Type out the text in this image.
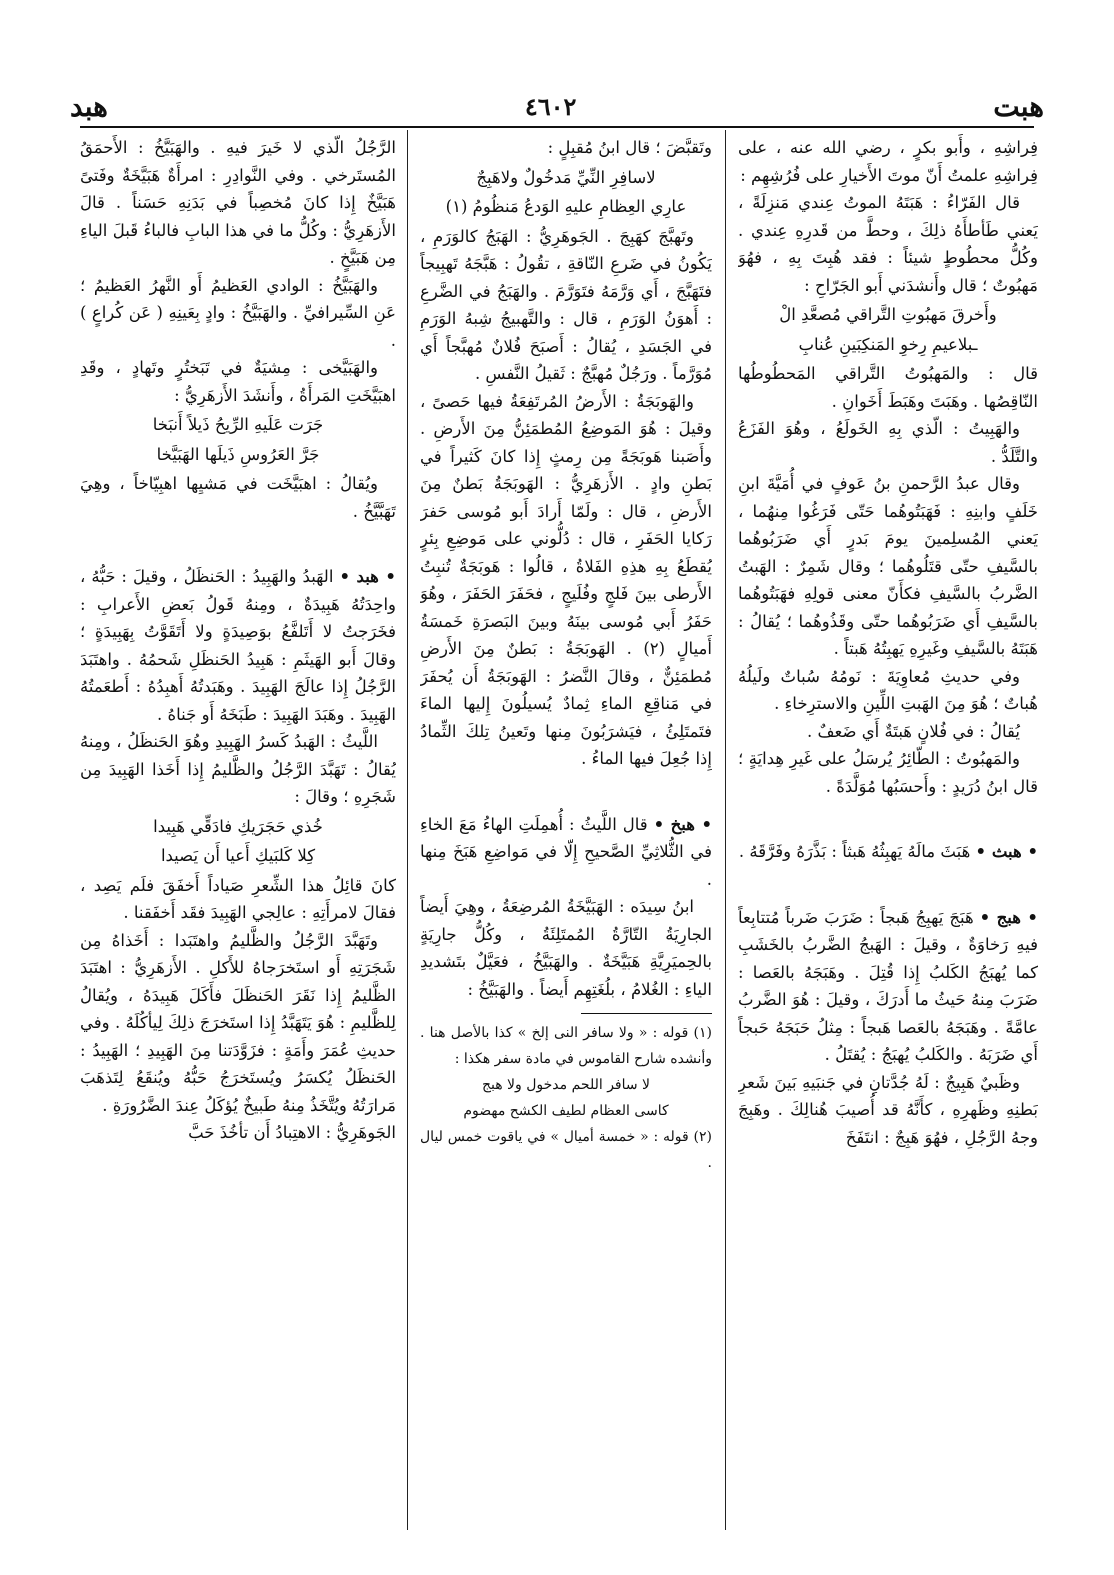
هبت
٤٦٠٢
هبد

فِراشِهِ ، وأَبو بكرٍ ، رضي الله عنه ، على فِراشِهِ علمتُ أَنّ موتَ الأَخيارِ على فُرُشِهِم :

قال الفَرّاءُ : هَبَتَهُ الموتُ عِندي مَنزِلَةً ، يَعني طَأطأَهُ ذلِكَ ، وحطَّ من قَدرِهِ عِندي . وكُلُّ محطُوطٍ شيئاً : فقد هُبِتَ بِهِ ، فهُوَ مَهبُوتٌ ؛ قال وأَنشدَني أَبو الجَرّاحِ :

وأَخرقَ مَهبُوتِ التَّراقي مُصعَّدِ الْ

ـبلاعيمِ رِخوِ المَنكِبَينِ عُنابِ

قال : والمَهبُوتُ التَّراقي المَحطُوطُها النّاقِصُها . وهَبَتَ وهَبَطَ أَخَوانِ .

والهَبِيتُ : الّذي بِهِ الخَولَعُ ، وهُوَ الفَزَعُ والتَّلَدُّ .

وقال عبدُ الرَّحمنِ بنُ عَوفٍ في أُمَيَّةَ ابنِ خَلَفٍ وابنِهِ : فَهَبَتُوهُما حَتّى فَرَغُوا مِنهُما ، يَعني المُسلِمينَ يومَ بَدرٍ أَي ضَرَبُوهُما بالسَّيفِ حتّى قتَلُوهُما ؛ وقال شَمِرٌ : الهَبتُ الضَّربُ بالسَّيفِ فكأَنّ معنى قولِهِ فهَبَتُوهُما بالسَّيفِ أَي ضَرَبُوهُما حتّى وقَذُوهُما ؛ يُقالُ : هَبَتَهُ بالسَّيفِ وغَيرِهِ يَهبِتُهُ هَبتاً .

وفي حديثِ مُعاوِيَةَ : نَومُهُ سُباتٌ ولَيلُهُ هُباتٌ ؛ هُوَ مِنَ الهَبتِ اللِّينِ والاسترِخاءِ .

يُقالُ : في فُلانٍ هَبتَةٌ أَي ضَعفٌ .

والمَهبُوتُ : الطّائِرُ يُرسَلُ على غَيرِ هِدايَةٍ ؛ قال ابنُ دُرَيدٍ : وأَحسَبُها مُوَلَّدَةً .

• هبث • هَبَثَ مالَهُ يَهبِثُهُ هَبثاً : بَذَّرَهُ وفَرَّقَهُ .

• هبج • هَبَجَ يَهبِجُ هَبجاً : ضَرَبَ ضَرباً مُتتابِعاً فيهِ رَخاوَةٌ ، وقيلَ : الهَبجُ الضَّربُ بالخَشَبِ كما يُهبَجُ الكَلبُ إِذا قُتِلَ . وهَبَجَهُ بالعَصا : ضَرَبَ مِنهُ حَيثُ ما أَدرَكَ ، وقيلَ : هُوَ الضَّربُ عامَّةً . وهَبَجَهُ بالعَصا هَبجاً : مِثلُ حَبَجَهُ حَبجاً أَي ضَرَبَهُ . والكَلبُ يُهبَجُ : يُقتَلُ .

وظَبيٌ هَبِيجٌ : لَهُ جُدَّتانِ في جَنبَيهِ بَينَ شَعرِ بَطنِهِ وظَهرِهِ ، كأَنَّهُ قد أُصيبَ هُنالِكَ . وهَبِجَ وجهُ الرَّجُلِ ، فهُوَ هَبِجٌ : انتَفَخَ

وتَقبَّضَ ؛ قال ابنُ مُقبِلٍ :

لاسافِرِ النِّيِّ مَدخُولٌ ولاهَبِجٌ

عارِي العِظامِ عليهِ الوَدعُ مَنظُومُ (١)

وتَهبَّجَ كهَبِجَ . الجَوهَرِيُّ : الهَبَجُ كالوَرَمِ ، يَكُونُ في ضَرعِ النّاقةِ ، تقُولُ : هَبَّجَهُ تَهبِيجاً فتَهَبَّجَ ، أَي وَرَّمَهُ فتَوَرَّمَ . والهَبَجُ في الضَّرعِ : أَهوَنُ الوَرَمِ ، قال : والتَّهبيجُ شِبهُ الوَرَمِ في الجَسَدِ ، يُقالُ : أَصبَحَ فُلانٌ مُهبَّجاً أَي مُوَرَّماً . ورَجُلٌ مُهبَّجٌ : ثَقيلُ النَّفسِ .

والهَوبَجَةُ : الأَرضُ المُرتَفِعَةُ فيها حَصىً ، وقيلَ : هُوَ المَوضِعُ المُطمَئِنُّ مِنَ الأَرضِ . وأَصَبنا هَوبَجَةً مِن رِمثٍ إِذا كانَ كَثيراً في بَطنِ وادٍ . الأَزهَرِيُّ : الهَوبَجَةُ بَطنٌ مِنَ الأَرضِ ، قال : ولَمّا أَرادَ أَبو مُوسى حَفرَ رَكايا الحَفَرِ ، قال : دُلُّوني على مَوضِعِ بِئرٍ يُقطَعُ بِهِ هذِهِ الفَلاةُ ، قالُوا : هَوبَجَةٌ تُنبِتُ الأَرطى بينَ فَلجٍ وفُلَيجٍ ، فحَفَرَ الحَفَرَ ، وهُوَ حَفَرُ أَبي مُوسى بينَهُ وبينَ البَصرَةِ خَمسَةُ أَميالٍ (٢) . الهَوبَجَةُ : بَطنٌ مِنَ الأَرضِ مُطمَئِنٌّ ، وقالَ النَّضرُ : الهَوبَجَةُ أَن يُحفَرَ في مَناقِعِ الماءِ ثِمادٌ يُسيلُونَ إِليها الماءَ فتَمتَلِئُ ، فيَشرَبُونَ مِنها وتَعينُ تِلكَ الثِّمادُ إِذا جُعِلَ فيها الماءُ .

• هبخ • قال اللَّيثُ : أُهمِلَتِ الهاءُ مَعَ الخاءِ في الثُّلاثِيِّ الصَّحيحِ إِلّا في مَواضِعِ هَبَخَ مِنها .

ابنُ سِيدَه : الهَبَيَّخَةُ المُرضِعَةُ ، وهِيَ أَيضاً الجارِيَةُ التّارَّةُ المُمتَلِئَةُ ، وكُلُّ جارِيَةٍ بالحِميَرِيَّةِ هَبَيَّخَةٌ . والهَبَيَّخُ ، فعَيَّلٌ بتَشديدِ الياءِ : الغُلامُ ، بلُغَتِهِم أَيضاً . والهَبَيَّخُ :

(١) قوله : « ولا سافر النى إلخ » كذا بالأصل هنا . وأنشده شارح القاموس في مادة سفر هكذا :

لا سافر اللحم مدخول ولا هبج

كاسى العظام لطيف الكشح مهضوم

(٢) قوله : « خمسة أميال » في ياقوت خمس ليال .

الرَّجُلُ الّذي لا خَيرَ فيهِ . والهَبَيَّخُ : الأَحمَقُ المُستَرخي . وفي النَّوادِرِ : امرأَةٌ هَبَيَّخَةٌ وفَتىً هَبَيَّخٌ إِذا كانَ مُخصِباً في بَدَنِهِ حَسَناً . قالَ الأَزهَرِيُّ : وكُلُّ ما في هذا البابِ فالباءُ قَبلَ الياءِ مِن هَبَيَّخٍ .

والهَبَيَّخُ : الوادي العَظيمُ أَو النَّهرُ العَظيمُ ؛ عَنِ السِّيرافيِّ . والهَبَيَّخُ : وادٍ بِعَينِهِ ( عَن كُراعٍ ) .

والهَبَيَّخى : مِشيَةٌ في تَبَختُرٍ وتَهادٍ ، وقَدِ اهبَيَّخَتِ المَرأَةُ ، وأَنشَدَ الأَزهَرِيُّ :

جَرَت عَلَيهِ الرِّيحُ ذَيلاً أَنبَخا

جَرَّ العَرُوسِ ذَيلَها الهَبَيَّخا

ويُقالُ : اهبَيَّخَت في مَشيِها اهبِيّاخاً ، وهِيَ تَهَبَّيَّخُ .

• هبد • الهَبدُ والهَبِيدُ : الحَنظَلُ ، وقيلَ : حَبُّهُ ، واحِدَتُهُ هَبِيدَةٌ ، ومِنهُ قَولُ بَعضِ الأَعرابِ : فخَرَجتُ لا أَتَلفَّعُ بوَصِيدَةٍ ولا أَتَقَوَّتُ بِهَبِيدَةٍ ؛ وقالَ أَبو الهَيثَمِ : هَبِيدُ الحَنظَلِ شَحمُهُ . واهتَبَدَ الرَّجُلُ إِذا عالَجَ الهَبِيدَ . وهَبَدتُهُ أَهبِدُهُ : أَطعَمتُهُ الهَبِيدَ . وهَبَدَ الهَبِيدَ : طَبَخَهُ أَو جَناهُ .

اللَّيثُ : الهَبدُ كَسرُ الهَبِيدِ وهُوَ الحَنظَلُ ، ومِنهُ يُقالُ : تَهَبَّدَ الرَّجُلُ والظَّليمُ إِذا أَخَذا الهَبِيدَ مِن شَجَرِهِ ؛ وقالَ :

خُذي حَجَرَيكِ فادَقِّي هَبِيدا

كِلا كَلبَيكِ أَعيا أَن يَصيدا

كانَ قائِلُ هذا الشِّعرِ صَياداً أَخفَقَ فلَم يَصِد ، فقالَ لامرأَتِهِ : عالِجي الهَبِيدَ فقَد أَخفَقنا .

وتَهَبَّدَ الرَّجُلُ والظَّليمُ واهتَبَدا : أَخَذاهُ مِن شَجَرَتِهِ أَو استَخرَجاهُ للأَكلِ . الأَزهَرِيُّ : اهتَبَدَ الظَّليمُ إِذا نَقَرَ الحَنظَلَ فأَكَلَ هَبِيدَهُ ، ويُقالُ لِلظَّليمِ : هُوَ يَتَهَبَّدُ إِذا استَخرَجَ ذلِكَ لِيأكُلَهُ . وفي حديثِ عُمَرَ وأَمَةٍ : فزَوَّدَتنا مِنَ الهَبِيدِ ؛ الهَبِيدُ : الحَنظَلُ يُكسَرُ ويُستَخرَجُ حَبُّهُ ويُنقَعُ لِتَذهَبَ مَرارَتُهُ ويُتَّخَذُ مِنهُ طَبيخٌ يُؤكَلُ عِندَ الضَّرُورَةِ .

الجَوهَرِيُّ : الاهتِبادُ أَن تأخُذَ حَبَّ
